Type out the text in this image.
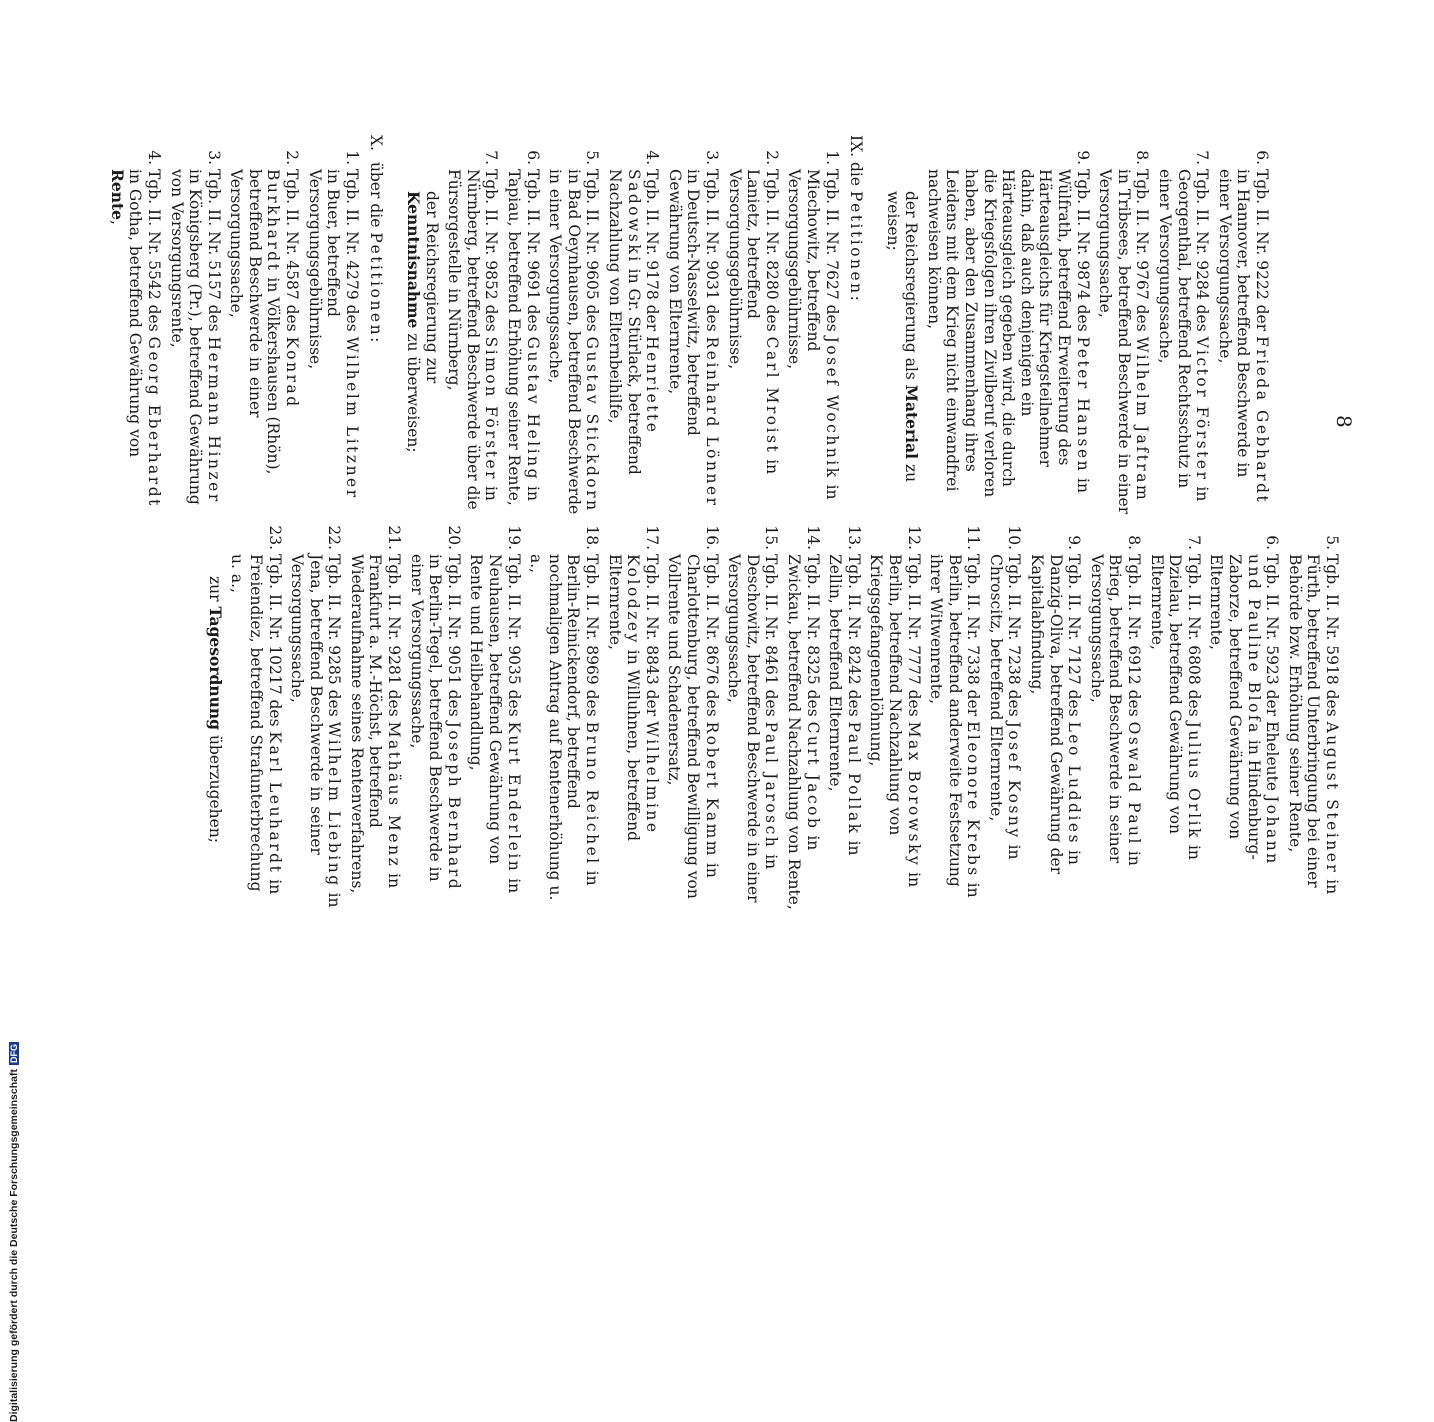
8
6.
Tgb. II. Nr. 9222 der Frieda Gebhardt in Hannover, betreffend Beschwerde in einer Versorgungssache,
7.
Tgb. II. Nr. 9284 des Victor Förster in Georgenthal, betreffend Rechtsschutz in einer Versorgungssache,
8.
Tgb. II. Nr. 9767 des Wilhelm Jaftram in Tribsees, betreffend Beschwerde in einer Versorgungssache,
9.
Tgb. II. Nr. 9874 des Peter Hansen in Wülfrath, betreffend Erweiterung des Härteausgleichs für Kriegsteilnehmer dahin, daß auch denjenigen ein Härteausgleich gegeben wird, die durch die Kriegsfolgen ihren Zivilberuf verloren haben, aber den Zusammenhang ihres Leidens mit dem Krieg nicht einwandfrei nachweisen können,
der Reichsregierung als Material zu weisen;
IX. die Petitionen:
1.
Tgb. II. Nr. 7627 des Josef Wochnik in Miechowitz, betreffend Versorgungsgebührnisse,
2.
Tgb. II. Nr. 8280 des Carl Mroist in Lanietz, betreffend Versorgungsgebührnisse,
3.
Tgb. II. Nr. 9031 des Reinhard Lönner in Deutsch-Nasselwitz, betreffend Gewährung von Elternrente,
4.
Tgb. II. Nr. 9178 der Henriette Sadowski in Gr. Stürlack, betreffend Nachzahlung von Elternbeihilfe,
5.
Tgb. II. Nr. 9605 des Gustav Stickdorn in Bad Oeynhausen, betreffend Beschwerde in einer Versorgungssache,
6.
Tgb. II. Nr. 9691 des Gustav Heling in Tapiau, betreffend Erhöhung seiner Rente,
7.
Tgb. II. Nr. 9852 des Simon Förster in Nürnberg, betreffend Beschwerde über die Fürsorgestelle in Nürnberg,
der Reichsregierung zur Kenntnisnahme zu überweisen;
X. über die Petitionen:
1.
Tgb. II. Nr. 4279 des Wilhelm Litzner in Buer, betreffend Versorgungsgebührnisse,
2.
Tgb. II. Nr. 4587 des Konrad Burkhardt in Völkershausen (Rhön), betreffend Beschwerde in einer Versorgungssache,
3.
Tgb. II. Nr. 5157 des Hermann Hinzer in Königsberg (Pr.), betreffend Gewährung von Versorgungsrente,
4.
Tgb. II. Nr. 5542 des Georg Eberhardt in Gotha, betreffend Gewährung von Rente,
5.
Tgb. II. Nr. 5918 des August Steiner in Fürth, betreffend Unterbringung bei einer Behörde bzw. Erhöhung seiner Rente,
6.
Tgb. II. Nr. 5923 der Eheleute Johann und Pauline Blofa in Hindenburg-Zaborze, betreffend Gewährung von Elternrente,
7.
Tgb. II. Nr. 6808 des Julius Orlik in Dzielau, betreffend Gewährung von Elternrente,
8.
Tgb. II. Nr. 6912 des Oswald Paul in Brieg, betreffend Beschwerde in seiner Versorgungssache,
9.
Tgb. II. Nr. 7127 des Leo Luddies in Danzig-Oliva, betreffend Gewährung der Kapitalabfindung,
10.
Tgb. II. Nr. 7238 des Josef Kosny in Chroscitz, betreffend Elternrente,
11.
Tgb. II. Nr. 7338 der Eleonore Krebs in Berlin, betreffend anderweite Festsetzung ihrer Witwenrente,
12.
Tgb. II. Nr. 7777 des Max Borowsky in Berlin, betreffend Nachzahlung von Kriegsgefangenenlöhnung,
13.
Tgb. II. Nr. 8242 des Paul Pollak in Zellin, betreffend Elternrente,
14.
Tgb. II. Nr. 8325 des Curt Jacob in Zwickau, betreffend Nachzahlung von Rente,
15.
Tgb. II. Nr. 8461 des Paul Jarosch in Deschowitz, betreffend Beschwerde in einer Versorgungssache,
16.
Tgb. II. Nr. 8676 des Robert Kamm in Charlottenburg, betreffend Bewilligung von Vollrente und Schadenersatz,
17.
Tgb. II. Nr. 8843 der Wilhelmine Kolodzey in Willuhnen, betreffend Elternrente,
18.
Tgb. II. Nr. 8969 des Bruno Reichel in Berlin-Reinickendorf, betreffend nochmaligen Antrag auf Rentenerhöhung u. a.,
19.
Tgb. II. Nr. 9035 des Kurt Enderlein in Neuhausen, betreffend Gewährung von Rente und Heilbehandlung,
20.
Tgb. II. Nr. 9051 des Joseph Bernhard in Berlin-Tegel, betreffend Beschwerde in einer Versorgungssache,
21.
Tgb. II. Nr. 9281 des Mathäus Menz in Frankfurt a. M.-Höchst, betreffend Wiederaufnahme seines Rentenverfahrens,
22.
Tgb. II. Nr. 9285 des Wilhelm Liebing in Jena, betreffend Beschwerde in seiner Versorgungssache,
23.
Tgb. II. Nr. 10217 des Karl Leuhardt in Freiendiez, betreffend Strafunterbrechung u. a.,
zur Tagesordnung überzugehen;
Digitalisierung gefördert durch die Deutsche ForschungsgemeinschaftDFG
